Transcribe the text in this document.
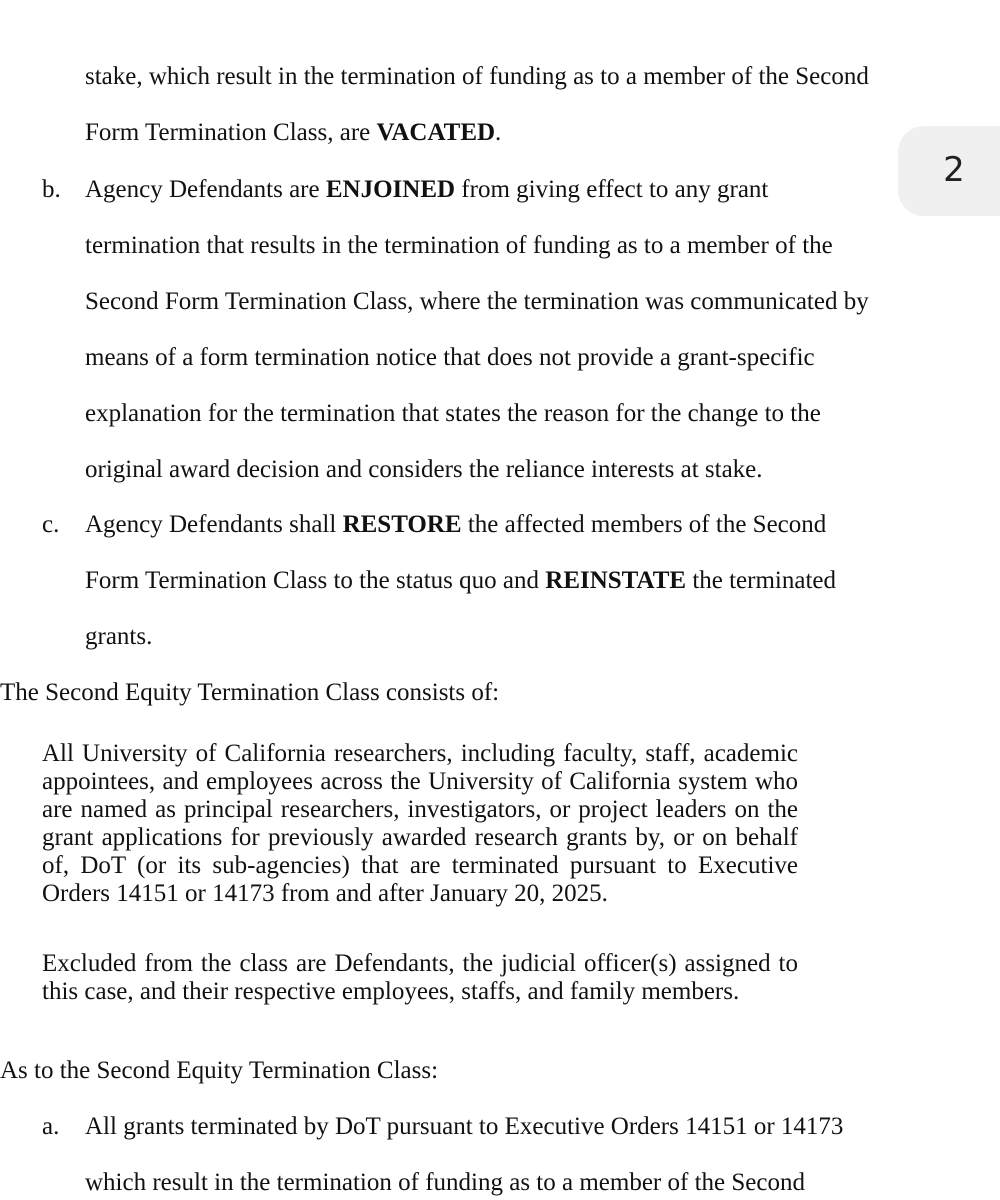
stake, which result in the termination of funding as to a member of the Second
Form Termination Class, are VACATED.
b. Agency Defendants are ENJOINED from giving effect to any grant
termination that results in the termination of funding as to a member of the
Second Form Termination Class, where the termination was communicated by
means of a form termination notice that does not provide a grant-specific
explanation for the termination that states the reason for the change to the
original award decision and considers the reliance interests at stake.
c. Agency Defendants shall RESTORE the affected members of the Second
Form Termination Class to the status quo and REINSTATE the terminated
grants.
The Second Equity Termination Class consists of:
All University of California researchers, including faculty, staff, academic appointees, and employees across the University of California system who are named as principal researchers, investigators, or project leaders on the grant applications for previously awarded research grants by, or on behalf of, DoT (or its sub-agencies) that are terminated pursuant to Executive Orders 14151 or 14173 from and after January 20, 2025.
Excluded from the class are Defendants, the judicial officer(s) assigned to this case, and their respective employees, staffs, and family members.
As to the Second Equity Termination Class:
a. All grants terminated by DoT pursuant to Executive Orders 14151 or 14173
which result in the termination of funding as to a member of the Second
2
